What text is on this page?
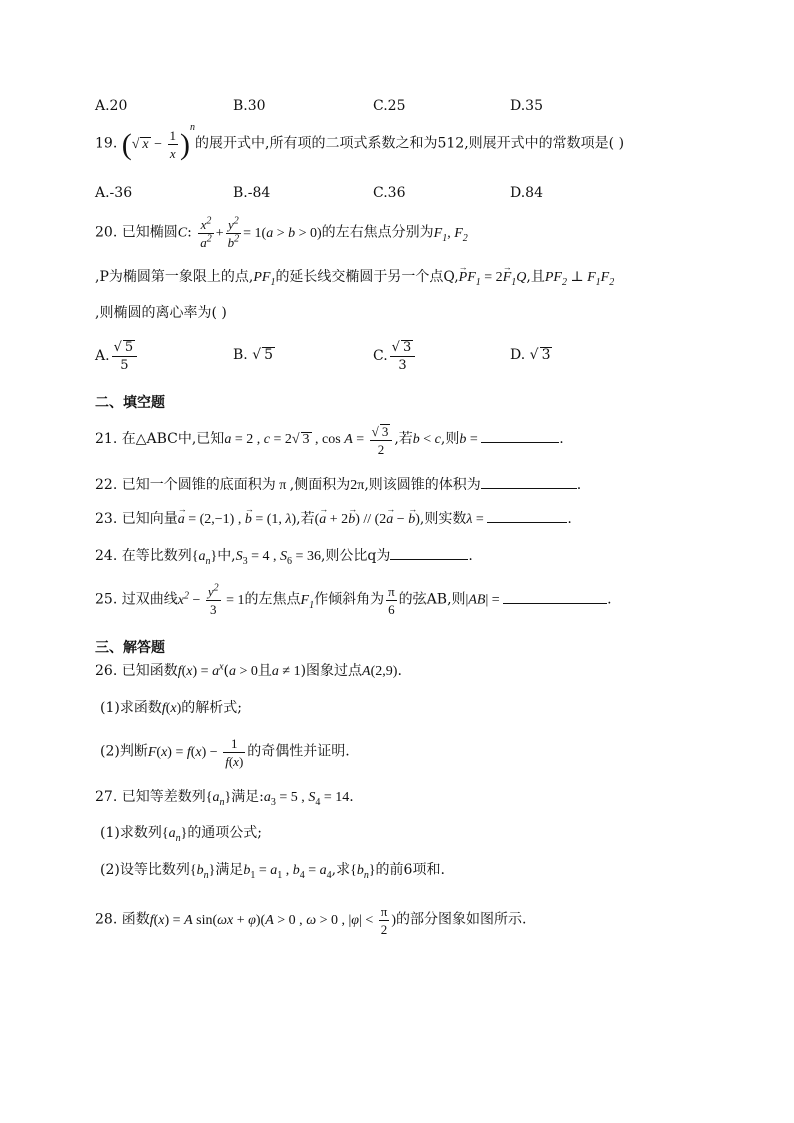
A.20	B.30	C.25	D.35
19. (√ $x - \frac{1}{x} )^n$的展开式中,所有项的二项式系数之和为512,则展开式中的常数项是( )
A.-36	B.-84	C.36	D.84
20. 已知椭圆C: $\frac{x^2}{a^2} + \frac{y^2}{b^2} = 1(a > b > 0)$的左右焦点分别为$F_1$, $F_2$
,P为椭圆第一象限上的点$,PF_1$的延长线交椭圆于另一个点$Q,\to PF_1 = 2\to F_1Q$,且$PF_2$ ⊥ $F_1F_2$
,则椭圆的离心率为( )
A. $\frac{√ 5}{5}$	B. √ 5	C. $\frac{√ 3}{3}$	D. √ 3
二、填空题
21. 在△ABC中,已知a = 2 , c = 2√ 3 , $\cos A = \frac{√ 3}{2}$ ,若b < c,则b =	.
22. 已知一个圆锥的底面积为 π ,侧面积为2π,则该圆锥的体积为	.
23. 已知向量→ a = (2,−1) , → b = (1, λ),若(→ a + 2→ b) // (2→ a − → b),则实数λ =	.
24. 在等比数列$\{a_n\}$中$,S_3 = 4$ , $S_6 = 36$,则公比q为	.
25. 过双曲线$x^2 - \frac{y^2}{3} = 1$的左焦点$F_1$作倾斜角为 $\frac{\pi}{6}$ 的弦AB,则|AB| =	.
三、解答题
26. 已知函数$f(x) = a^x(a > 0$且a ≠ 1)图象过点A(2,9).
(1)求函数f(x)的解析式;
(2)判断$F(x) = f(x) - \frac{1}{f(x)}$ 的奇偶性并证明.
27. 已知等差数列$\{a_n\}$满足$:a_3 = 5$ , $S_4 = 14$.
(1)求数列$\{a_n\}$的通项公式;
(2)设等比数列$\{b_n\}$满足$b_1 = a_1$ , $b_4 = a_4$,求$\{b_n\}$的前6项和.
28. 函数f(x) = A sin(ωx + φ)(A > 0 , ω > 0 , $|\varphi| < \frac{\pi}{2}$ )的部分图象如图所示.
